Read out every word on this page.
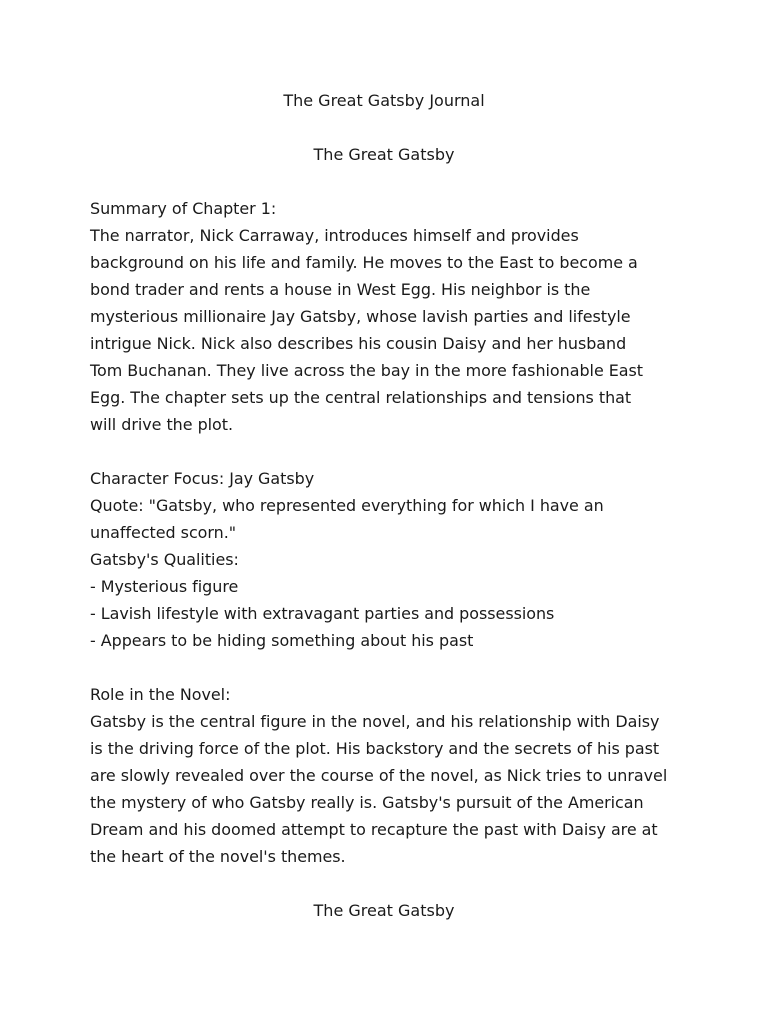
The Great Gatsby Journal
The Great Gatsby
Summary of Chapter 1:
The narrator, Nick Carraway, introduces himself and provides
background on his life and family. He moves to the East to become a
bond trader and rents a house in West Egg. His neighbor is the
mysterious millionaire Jay Gatsby, whose lavish parties and lifestyle
intrigue Nick. Nick also describes his cousin Daisy and her husband
Tom Buchanan. They live across the bay in the more fashionable East
Egg. The chapter sets up the central relationships and tensions that
will drive the plot.
Character Focus: Jay Gatsby
Quote: "Gatsby, who represented everything for which I have an
unaffected scorn."
Gatsby's Qualities:
- Mysterious figure
- Lavish lifestyle with extravagant parties and possessions
- Appears to be hiding something about his past
Role in the Novel:
Gatsby is the central figure in the novel, and his relationship with Daisy
is the driving force of the plot. His backstory and the secrets of his past
are slowly revealed over the course of the novel, as Nick tries to unravel
the mystery of who Gatsby really is. Gatsby's pursuit of the American
Dream and his doomed attempt to recapture the past with Daisy are at
the heart of the novel's themes.
The Great Gatsby
